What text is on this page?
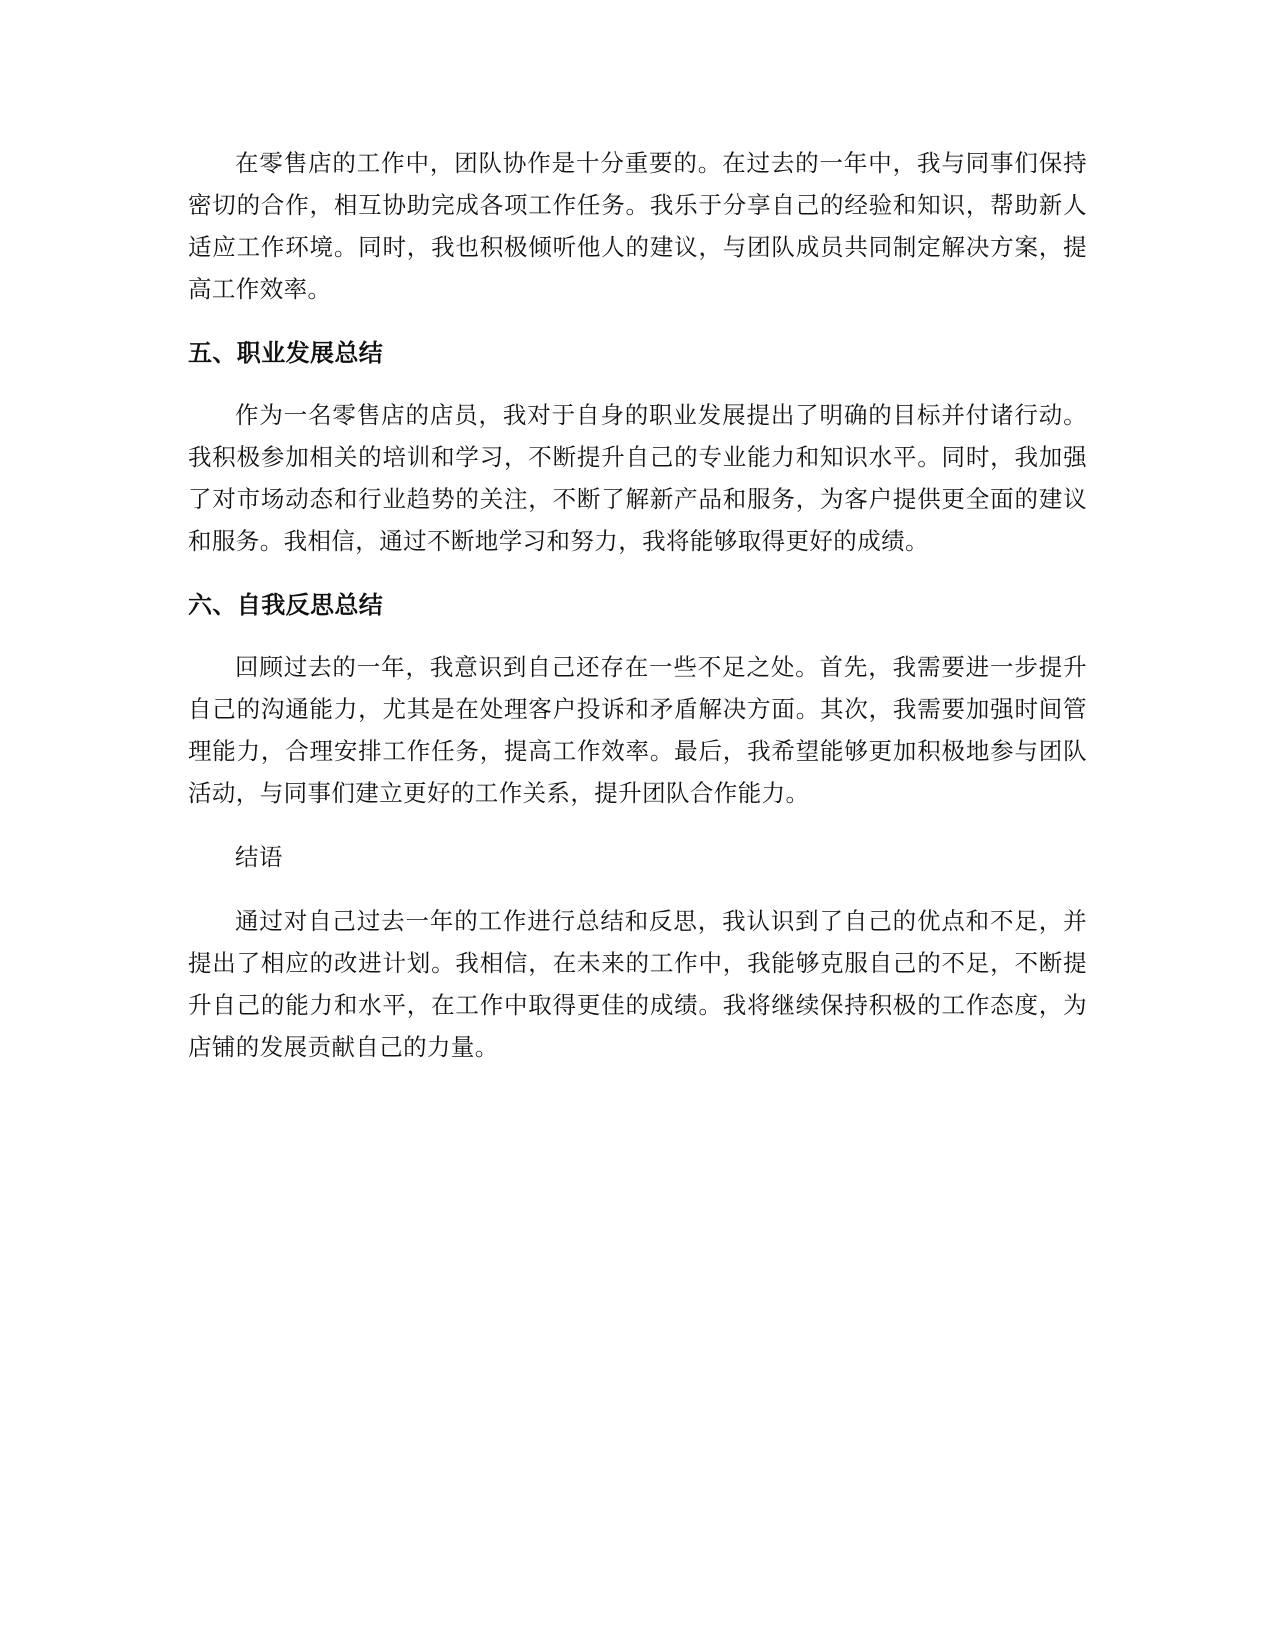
在零售店的工作中，团队协作是十分重要的。在过去的一年中，我与同事们保持密切的合作，相互协助完成各项工作任务。我乐于分享自己的经验和知识，帮助新人适应工作环境。同时，我也积极倾听他人的建议，与团队成员共同制定解决方案，提高工作效率。

五、职业发展总结

作为一名零售店的店员，我对于自身的职业发展提出了明确的目标并付诸行动。我积极参加相关的培训和学习，不断提升自己的专业能力和知识水平。同时，我加强了对市场动态和行业趋势的关注，不断了解新产品和服务，为客户提供更全面的建议和服务。我相信，通过不断地学习和努力，我将能够取得更好的成绩。

六、自我反思总结

回顾过去的一年，我意识到自己还存在一些不足之处。首先，我需要进一步提升自己的沟通能力，尤其是在处理客户投诉和矛盾解决方面。其次，我需要加强时间管理能力，合理安排工作任务，提高工作效率。最后，我希望能够更加积极地参与团队活动，与同事们建立更好的工作关系，提升团队合作能力。

结语

通过对自己过去一年的工作进行总结和反思，我认识到了自己的优点和不足，并提出了相应的改进计划。我相信，在未来的工作中，我能够克服自己的不足，不断提升自己的能力和水平，在工作中取得更佳的成绩。我将继续保持积极的工作态度，为店铺的发展贡献自己的力量。
